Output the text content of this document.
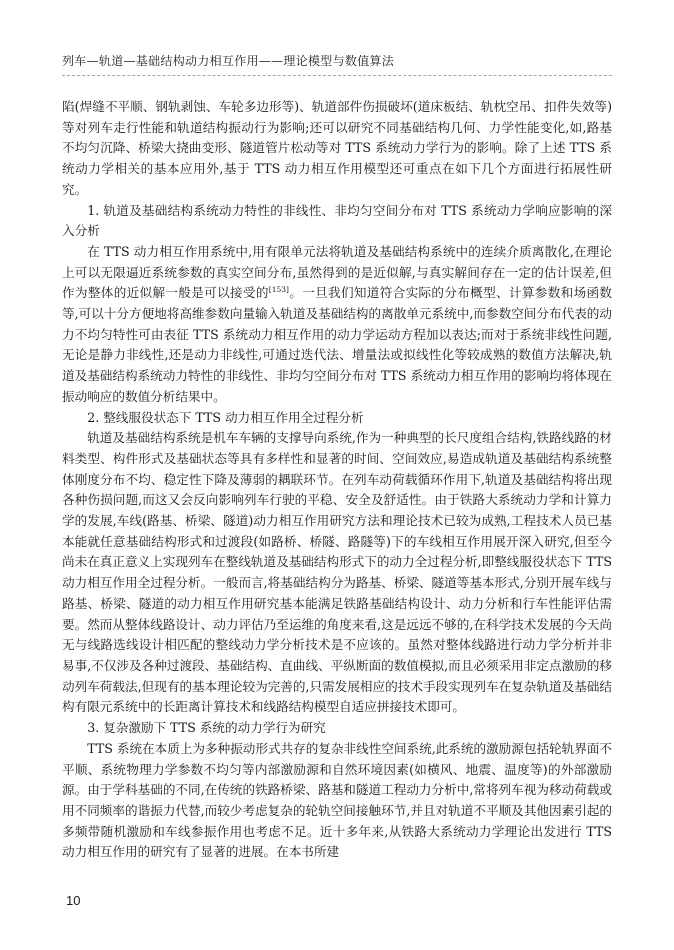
列车—轨道—基础结构动力相互作用——理论模型与数值算法

陷(焊缝不平顺、钢轨剥蚀、车轮多边形等)、轨道部件伤损破坏(道床板结、轨枕空吊、扣件失效等)等对列车走行性能和轨道结构振动行为影响;还可以研究不同基础结构几何、力学性能变化,如,路基不均匀沉降、桥梁大挠曲变形、隧道管片松动等对 TTS 系统动力学行为的影响。除了上述 TTS 系统动力学相关的基本应用外,基于 TTS 动力相互作用模型还可重点在如下几个方面进行拓展性研究。

1. 轨道及基础结构系统动力特性的非线性、非均匀空间分布对 TTS 系统动力学响应影响的深入分析

在 TTS 动力相互作用系统中,用有限单元法将轨道及基础结构系统中的连续介质离散化,在理论上可以无限逼近系统参数的真实空间分布,虽然得到的是近似解,与真实解间存在一定的估计误差,但作为整体的近似解一般是可以接受的[153]。一旦我们知道符合实际的分布概型、计算参数和场函数等,可以十分方便地将高维参数向量输入轨道及基础结构的离散单元系统中,而参数空间分布代表的动力不均匀特性可由表征 TTS 系统动力相互作用的动力学运动方程加以表达;而对于系统非线性问题,无论是静力非线性,还是动力非线性,可通过迭代法、增量法或拟线性化等较成熟的数值方法解决,轨道及基础结构系统动力特性的非线性、非均匀空间分布对 TTS 系统动力相互作用的影响均将体现在振动响应的数值分析结果中。

2. 整线服役状态下 TTS 动力相互作用全过程分析

轨道及基础结构系统是机车车辆的支撑导向系统,作为一种典型的长尺度组合结构,铁路线路的材料类型、构件形式及基础状态等具有多样性和显著的时间、空间效应,易造成轨道及基础结构系统整体刚度分布不均、稳定性下降及薄弱的耦联环节。在列车动荷载循环作用下,轨道及基础结构将出现各种伤损问题,而这又会反向影响列车行驶的平稳、安全及舒适性。由于铁路大系统动力学和计算力学的发展,车线(路基、桥梁、隧道)动力相互作用研究方法和理论技术已较为成熟,工程技术人员已基本能就任意基础结构形式和过渡段(如路桥、桥隧、路隧等)下的车线相互作用展开深入研究,但至今尚未在真正意义上实现列车在整线轨道及基础结构形式下的动力全过程分析,即整线服役状态下 TTS 动力相互作用全过程分析。一般而言,将基础结构分为路基、桥梁、隧道等基本形式,分别开展车线与路基、桥梁、隧道的动力相互作用研究基本能满足铁路基础结构设计、动力分析和行车性能评估需要。然而从整体线路设计、动力评估乃至运维的角度来看,这是远远不够的,在科学技术发展的今天尚无与线路选线设计相匹配的整线动力学分析技术是不应该的。虽然对整体线路进行动力学分析并非易事,不仅涉及各种过渡段、基础结构、直曲线、平纵断面的数值模拟,而且必须采用非定点激励的移动列车荷载法,但现有的基本理论较为完善的,只需发展相应的技术手段实现列车在复杂轨道及基础结构有限元系统中的长距离计算技术和线路结构模型自适应拼接技术即可。

3. 复杂激励下 TTS 系统的动力学行为研究

TTS 系统在本质上为多种振动形式共存的复杂非线性空间系统,此系统的激励源包括轮轨界面不平顺、系统物理力学参数不均匀等内部激励源和自然环境因素(如横风、地震、温度等)的外部激励源。由于学科基础的不同,在传统的铁路桥梁、路基和隧道工程动力分析中,常将列车视为移动荷载或用不同频率的谐振力代替,而较少考虑复杂的轮轨空间接触环节,并且对轨道不平顺及其他因素引起的多频带随机激励和车线参振作用也考虑不足。近十多年来,从铁路大系统动力学理论出发进行 TTS 动力相互作用的研究有了显著的进展。在本书所建

10
